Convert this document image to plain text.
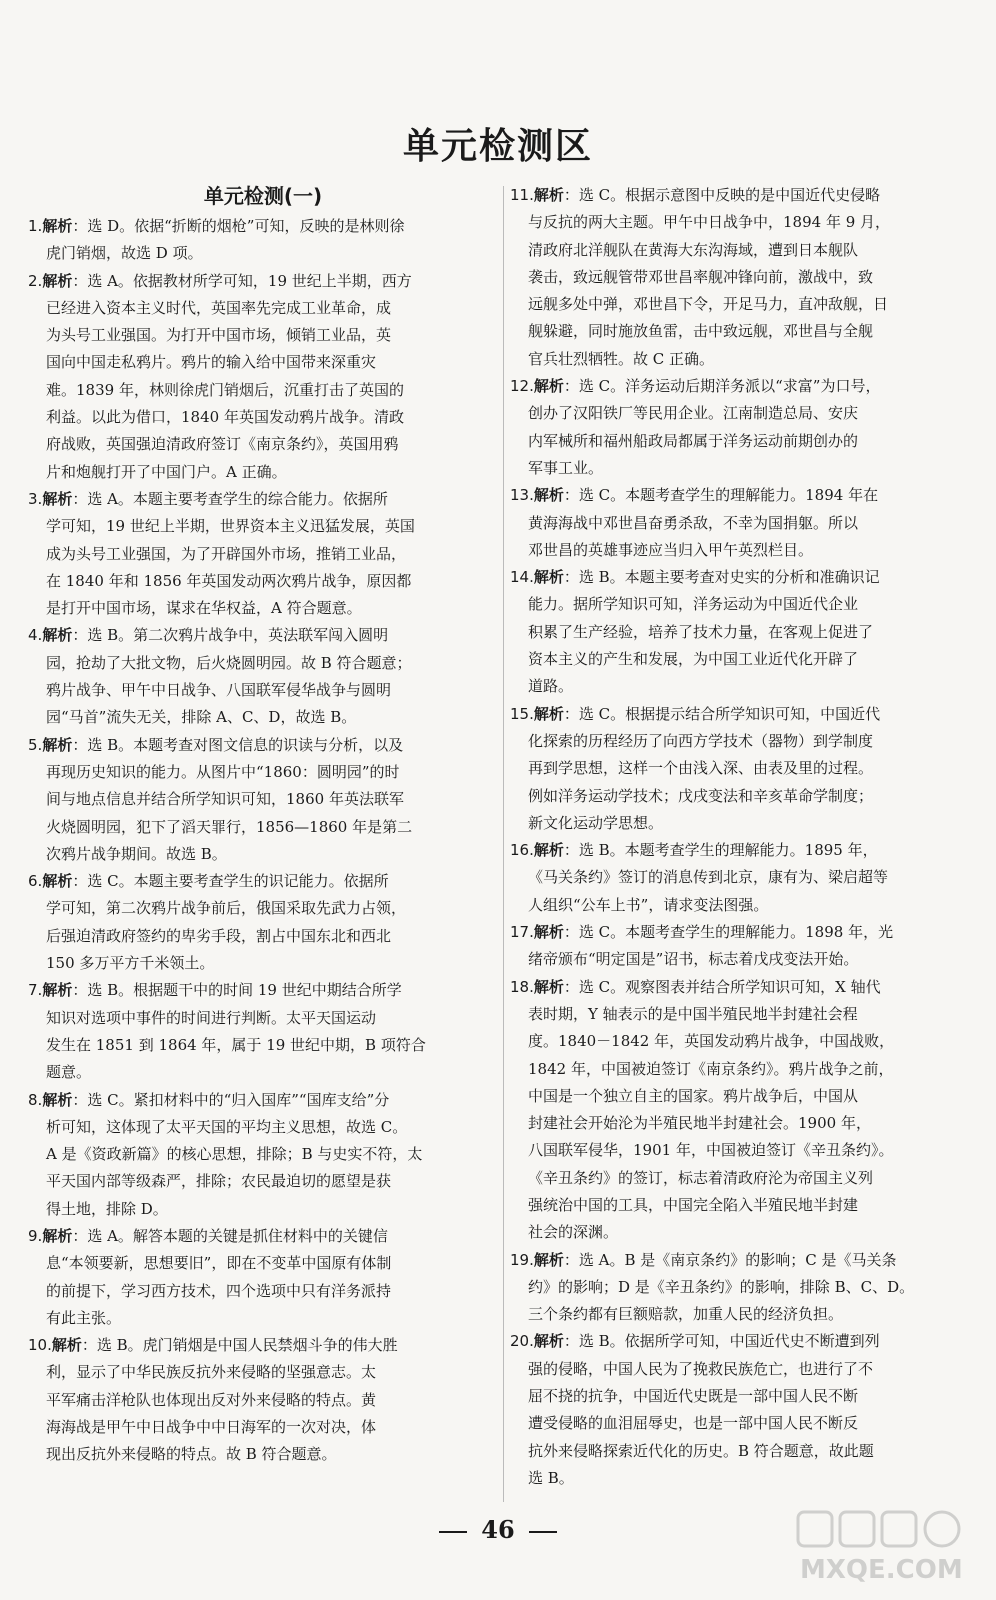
单元检测区
单元检测(一)
1.解析：选 D。依据“折断的烟枪”可知，反映的是林则徐
虎门销烟，故选 D 项。
2.解析：选 A。依据教材所学可知，19 世纪上半期，西方
已经进入资本主义时代，英国率先完成工业革命，成
为头号工业强国。为打开中国市场，倾销工业品，英
国向中国走私鸦片。鸦片的输入给中国带来深重灾
难。1839 年，林则徐虎门销烟后，沉重打击了英国的
利益。以此为借口，1840 年英国发动鸦片战争。清政
府战败，英国强迫清政府签订《南京条约》，英国用鸦
片和炮舰打开了中国门户。A 正确。
3.解析：选 A。本题主要考查学生的综合能力。依据所
学可知，19 世纪上半期，世界资本主义迅猛发展，英国
成为头号工业强国，为了开辟国外市场，推销工业品，
在 1840 年和 1856 年英国发动两次鸦片战争，原因都
是打开中国市场，谋求在华权益，A 符合题意。
4.解析：选 B。第二次鸦片战争中，英法联军闯入圆明
园，抢劫了大批文物，后火烧圆明园。故 B 符合题意；
鸦片战争、甲午中日战争、八国联军侵华战争与圆明
园“马首”流失无关，排除 A、C、D，故选 B。
5.解析：选 B。本题考查对图文信息的识读与分析，以及
再现历史知识的能力。从图片中“1860：圆明园”的时
间与地点信息并结合所学知识可知，1860 年英法联军
火烧圆明园，犯下了滔天罪行，1856—1860 年是第二
次鸦片战争期间。故选 B。
6.解析：选 C。本题主要考查学生的识记能力。依据所
学可知，第二次鸦片战争前后，俄国采取先武力占领，
后强迫清政府签约的卑劣手段，割占中国东北和西北
150 多万平方千米领土。
7.解析：选 B。根据题干中的时间 19 世纪中期结合所学
知识对选项中事件的时间进行判断。太平天国运动
发生在 1851 到 1864 年，属于 19 世纪中期，B 项符合
题意。
8.解析：选 C。紧扣材料中的“归入国库”“国库支给”分
析可知，这体现了太平天国的平均主义思想，故选 C。
A 是《资政新篇》的核心思想，排除；B 与史实不符，太
平天国内部等级森严，排除；农民最迫切的愿望是获
得土地，排除 D。
9.解析：选 A。解答本题的关键是抓住材料中的关键信
息“本领要新，思想要旧”，即在不变革中国原有体制
的前提下，学习西方技术，四个选项中只有洋务派持
有此主张。
10.解析：选 B。虎门销烟是中国人民禁烟斗争的伟大胜
利，显示了中华民族反抗外来侵略的坚强意志。太
平军痛击洋枪队也体现出反对外来侵略的特点。黄
海海战是甲午中日战争中中日海军的一次对决，体
现出反抗外来侵略的特点。故 B 符合题意。
11.解析：选 C。根据示意图中反映的是中国近代史侵略
与反抗的两大主题。甲午中日战争中，1894 年 9 月，
清政府北洋舰队在黄海大东沟海域，遭到日本舰队
袭击，致远舰管带邓世昌率舰冲锋向前，激战中，致
远舰多处中弹，邓世昌下令，开足马力，直冲敌舰，日
舰躲避，同时施放鱼雷，击中致远舰，邓世昌与全舰
官兵壮烈牺牲。故 C 正确。
12.解析：选 C。洋务运动后期洋务派以“求富”为口号，
创办了汉阳铁厂等民用企业。江南制造总局、安庆
内军械所和福州船政局都属于洋务运动前期创办的
军事工业。
13.解析：选 C。本题考查学生的理解能力。1894 年在
黄海海战中邓世昌奋勇杀敌，不幸为国捐躯。所以
邓世昌的英雄事迹应当归入甲午英烈栏目。
14.解析：选 B。本题主要考查对史实的分析和准确识记
能力。据所学知识可知，洋务运动为中国近代企业
积累了生产经验，培养了技术力量，在客观上促进了
资本主义的产生和发展，为中国工业近代化开辟了
道路。
15.解析：选 C。根据提示结合所学知识可知，中国近代
化探索的历程经历了向西方学技术（器物）到学制度
再到学思想，这样一个由浅入深、由表及里的过程。
例如洋务运动学技术；戊戌变法和辛亥革命学制度；
新文化运动学思想。
16.解析：选 B。本题考查学生的理解能力。1895 年，
《马关条约》签订的消息传到北京，康有为、梁启超等
人组织“公车上书”，请求变法图强。
17.解析：选 C。本题考查学生的理解能力。1898 年，光
绪帝颁布“明定国是”诏书，标志着戊戌变法开始。
18.解析：选 C。观察图表并结合所学知识可知，X 轴代
表时期，Y 轴表示的是中国半殖民地半封建社会程
度。1840－1842 年，英国发动鸦片战争，中国战败，
1842 年，中国被迫签订《南京条约》。鸦片战争之前，
中国是一个独立自主的国家。鸦片战争后，中国从
封建社会开始沦为半殖民地半封建社会。1900 年，
八国联军侵华，1901 年，中国被迫签订《辛丑条约》。
《辛丑条约》的签订，标志着清政府沦为帝国主义列
强统治中国的工具，中国完全陷入半殖民地半封建
社会的深渊。
19.解析：选 A。B 是《南京条约》的影响；C 是《马关条
约》的影响；D 是《辛丑条约》的影响，排除 B、C、D。
三个条约都有巨额赔款，加重人民的经济负担。
20.解析：选 B。依据所学可知，中国近代史不断遭到列
强的侵略，中国人民为了挽救民族危亡，也进行了不
屈不挠的抗争，中国近代史既是一部中国人民不断
遭受侵略的血泪屈辱史，也是一部中国人民不断反
抗外来侵略探索近代化的历史。B 符合题意，故此题
选 B。
46
MXQE.COM
